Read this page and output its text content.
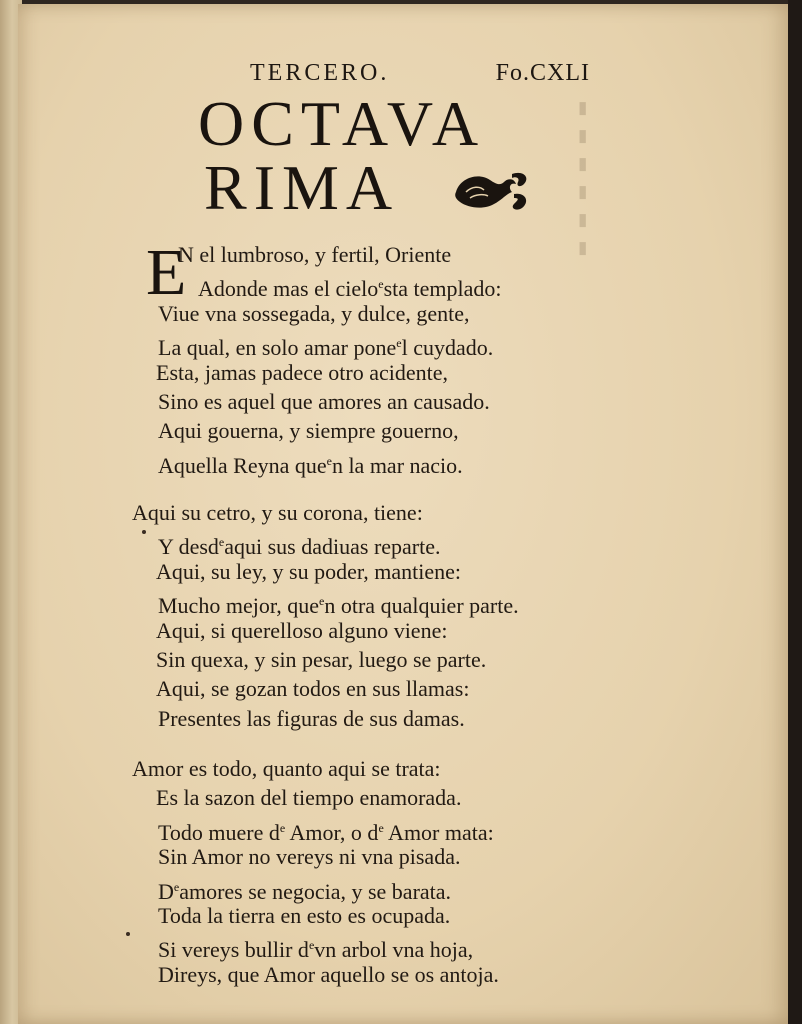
▮
▮
▮
▮
▮
▮
TERCERO.	Fo.CXLI
OCTAVA
RIMA
E
N el lumbroso, y fertil, Oriente
Adonde mas el cielo$^e$sta templado:
Viue vna sossegada, y dulce, gente,
La qual, en solo amar pone$^e$l cuydado.
Esta, jamas padece otro acidente,
Sino es aquel que amores an causado.
Aqui gouerna, y siempre gouerno,
Aquella Reyna que$^e$n la mar nacio.
Aqui su cetro, y su corona, tiene:
Y desd$^e$aqui sus dadiuas reparte.
Aqui, su ley, y su poder, mantiene:
Mucho mejor, que$^e$n otra qualquier parte.
Aqui, si querelloso alguno viene:
Sin quexa, y sin pesar, luego se parte.
Aqui, se gozan todos en sus llamas:
Presentes las figuras de sus damas.
Amor es todo, quanto aqui se trata:
Es la sazon del tiempo enamorada.
Todo muere $d^e$ Amor, o $d^e$ Amor mata:
Sin Amor no vereys ni vna pisada.
Deamores se negocia, y se barata.
Toda la tierra en esto es ocupada.
Si vereys bullir $d^evn$ arbol vna hoja,
Direys, que Amor aquello se os antoja.
